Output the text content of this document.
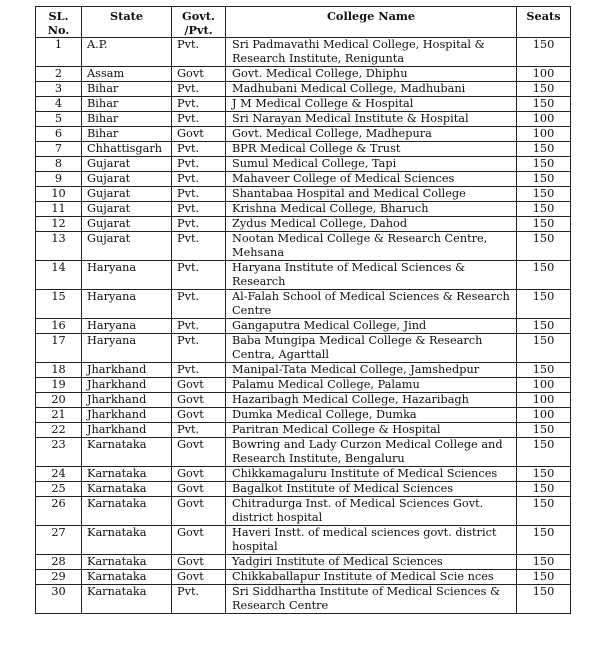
SL. No.	State	Govt. /Pvt.	College Name	Seats
1	A.P.	Pvt.	Sri Padmavathi Medical College, Hospital & Research Institute, Renigunta	150
2	Assam	Govt	Govt. Medical College, Dhiphu	100
3	Bihar	Pvt.	Madhubani Medical College, Madhubani	150
4	Bihar	Pvt.	J M Medical College & Hospital	150
5	Bihar	Pvt.	Sri Narayan Medical Institute & Hospital	100
6	Bihar	Govt	Govt. Medical College, Madhepura	100
7	Chhattisgarh	Pvt.	BPR Medical College & Trust	150
8	Gujarat	Pvt.	Sumul Medical College, Tapi	150
9	Gujarat	Pvt.	Mahaveer College of Medical Sciences	150
10	Gujarat	Pvt.	Shantabaa Hospital and Medical College	150
11	Gujarat	Pvt.	Krishna Medical College, Bharuch	150
12	Gujarat	Pvt.	Zydus Medical College, Dahod	150
13	Gujarat	Pvt.	Nootan Medical College & Research Centre, Mehsana	150
14	Haryana	Pvt.	Haryana Institute of Medical Sciences & Research	150
15	Haryana	Pvt.	Al-Falah School of Medical Sciences & Research Centre	150
16	Haryana	Pvt.	Gangaputra Medical College, Jind	150
17	Haryana	Pvt.	Baba Mungipa Medical College & Research Centra, Agarttall	150
18	Jharkhand	Pvt.	Manipal-Tata Medical College, Jamshedpur	150
19	Jharkhand	Govt	Palamu Medical College, Palamu	100
20	Jharkhand	Govt	Hazaribagh Medical College, Hazaribagh	100
21	Jharkhand	Govt	Dumka Medical College, Dumka	100
22	Jharkhand	Pvt.	Paritran Medical College & Hospital	150
23	Karnataka	Govt	Bowring and Lady Curzon Medical College and Research Institute, Bengaluru	150
24	Karnataka	Govt	Chikkamagaluru Institute of Medical Sciences	150
25	Karnataka	Govt	Bagalkot Institute of Medical Sciences	150
26	Karnataka	Govt	Chitradurga Inst. of Medical Sciences Govt. district hospital	150
27	Karnataka	Govt	Haveri Instt. of medical sciences govt. district hospital	150
28	Karnataka	Govt	Yadgiri Institute of Medical Sciences	150
29	Karnataka	Govt	Chikkaballapur Institute of Medical Scie nces	150
30	Karnataka	Pvt.	Sri Siddhartha Institute of Medical Sciences & Research Centre	150
